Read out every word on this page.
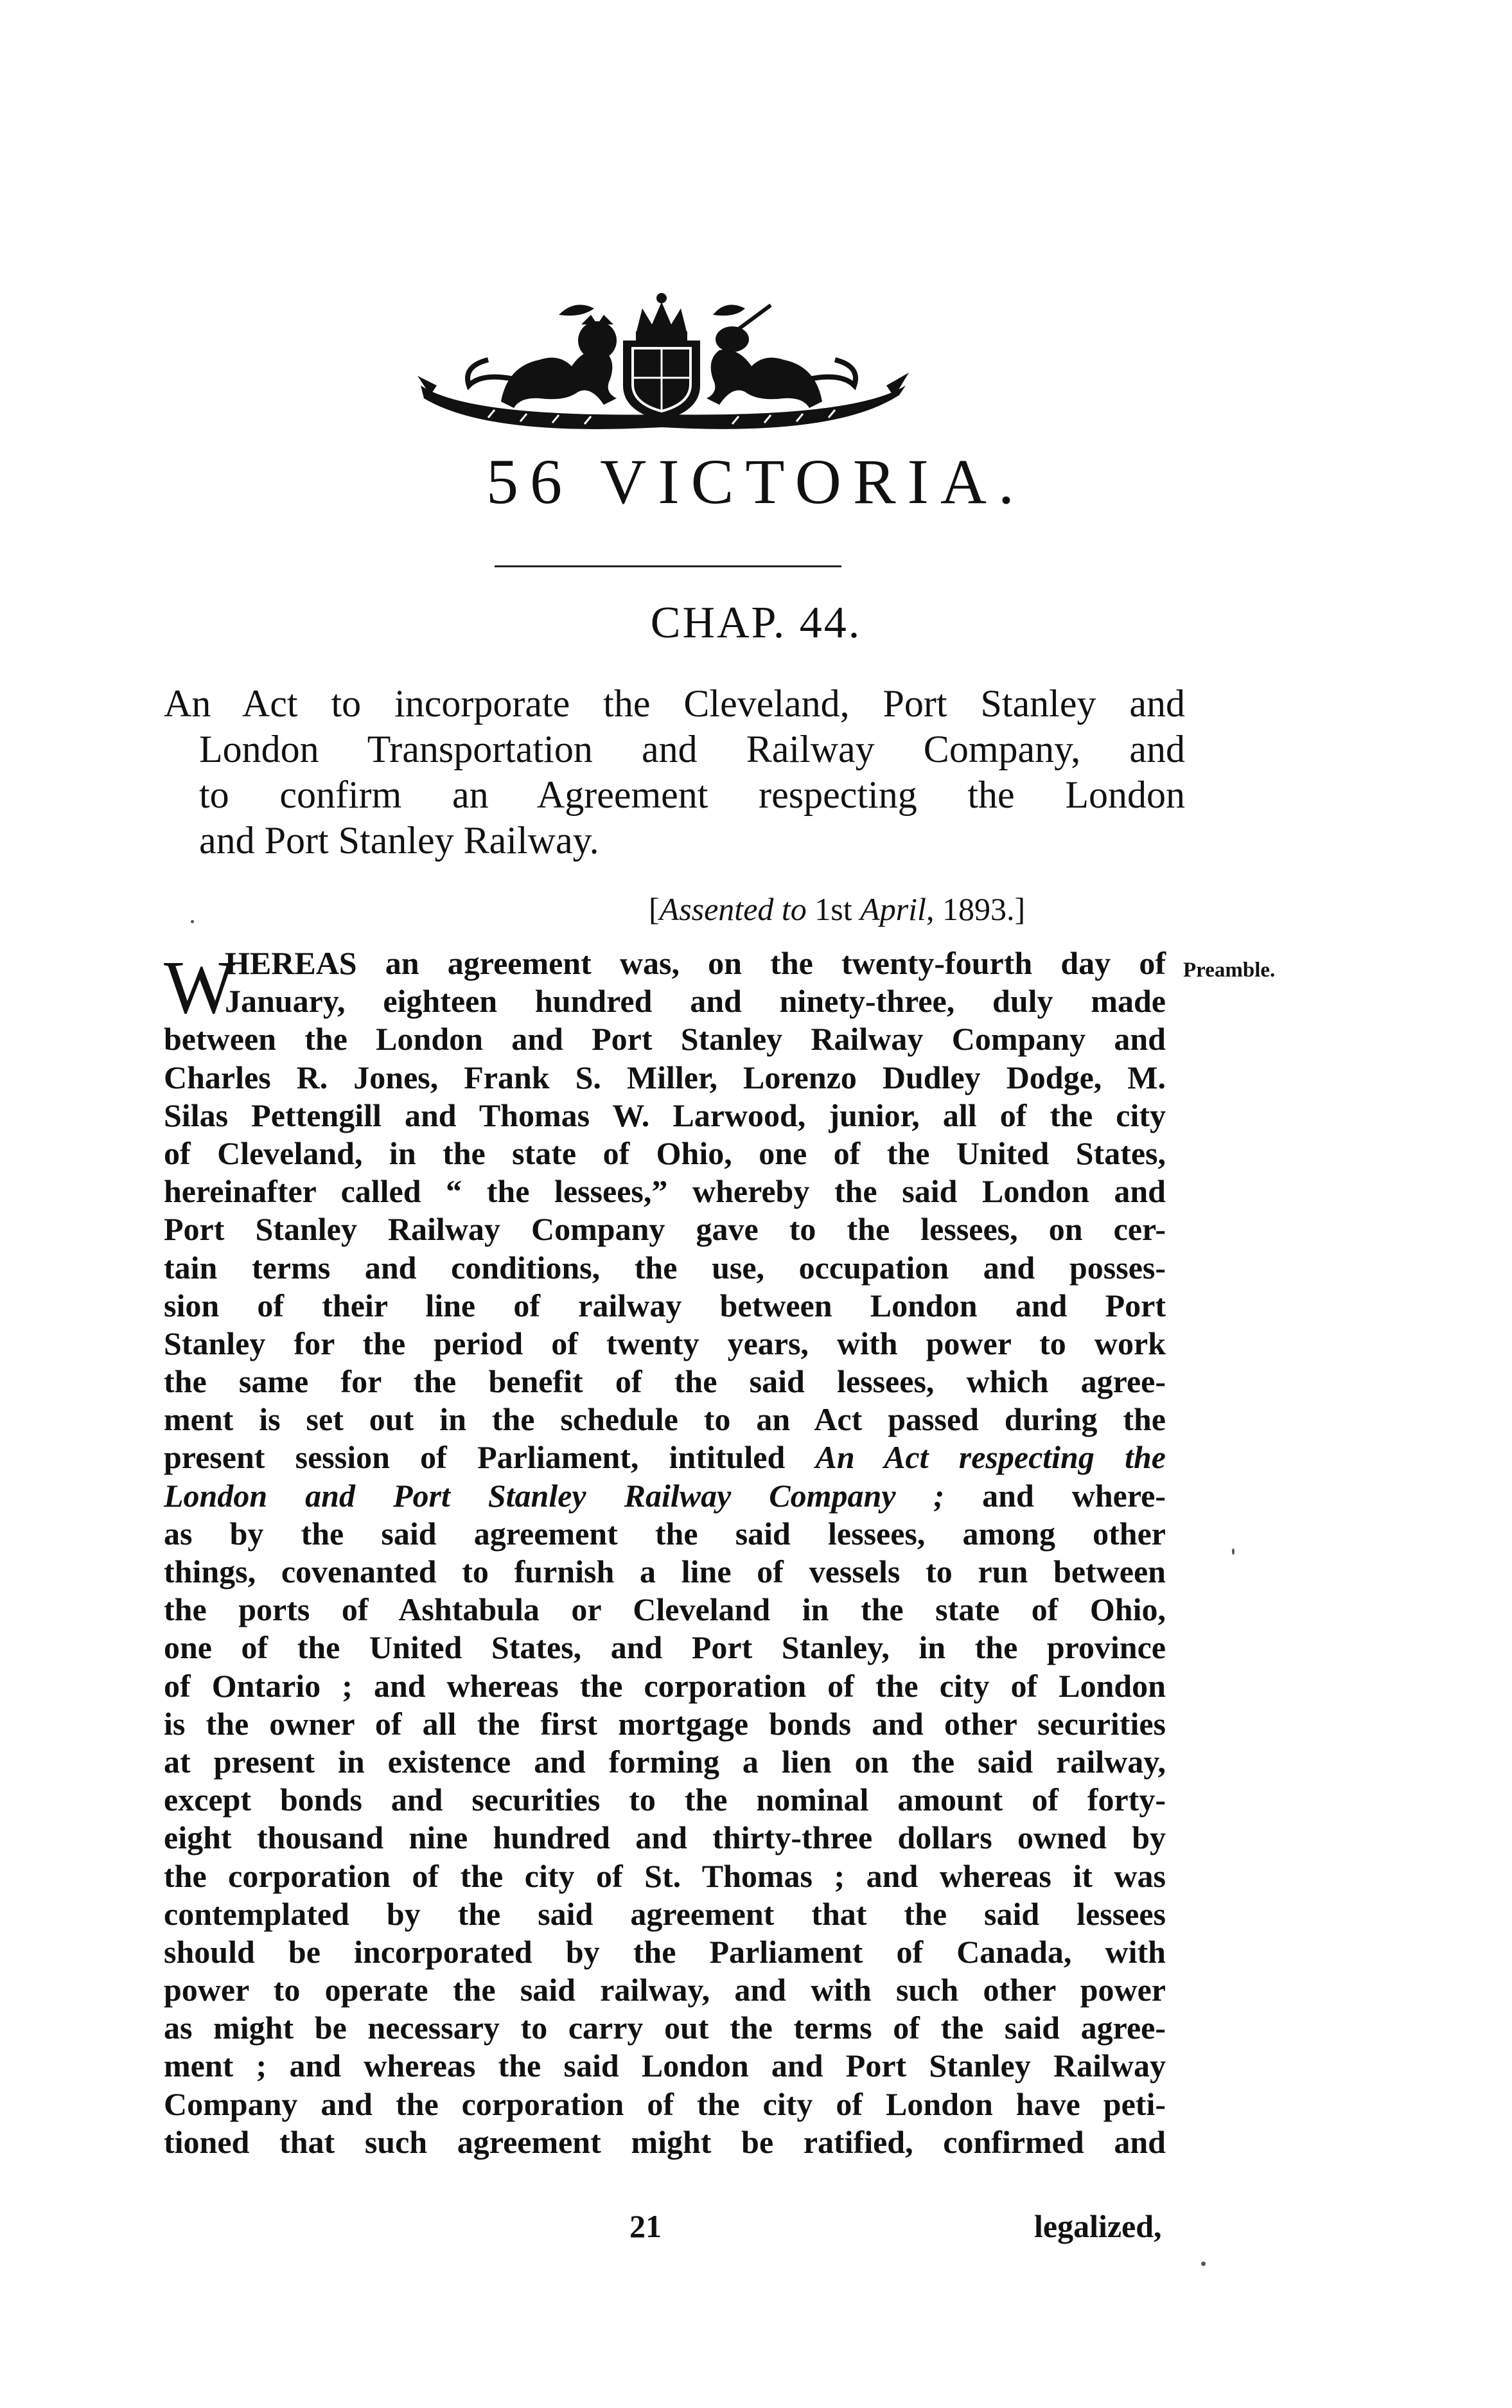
56 VICTORIA.
CHAP. 44.
An Act to incorporate the Cleveland, Port Stanley and
London Transportation and Railway Company, and
to confirm an Agreement respecting the London
and Port Stanley Railway.
[Assented to 1st April, 1893.]
W	Preamble.
HEREAS an agreement was, on the twenty-fourth day of
January, eighteen hundred and ninety-three, duly made
between the London and Port Stanley Railway Company and
Charles R. Jones, Frank S. Miller, Lorenzo Dudley Dodge, M.
Silas Pettengill and Thomas W. Larwood, junior, all of the city
of Cleveland, in the state of Ohio, one of the United States,
hereinafter called “ the lessees,” whereby the said London and
Port Stanley Railway Company gave to the lessees, on cer-
tain terms and conditions, the use, occupation and posses-
sion of their line of railway between London and Port
Stanley for the period of twenty years, with power to work
the same for the benefit of the said lessees, which agree-
ment is set out in the schedule to an Act passed during the
present session of Parliament, intituled An Act respecting the
London and Port Stanley Railway Company ; and where-
as by the said agreement the said lessees, among other
things, covenanted to furnish a line of vessels to run between
the ports of Ashtabula or Cleveland in the state of Ohio,
one of the United States, and Port Stanley, in the province
of Ontario ; and whereas the corporation of the city of London
is the owner of all the first mortgage bonds and other securities
at present in existence and forming a lien on the said railway,
except bonds and securities to the nominal amount of forty-
eight thousand nine hundred and thirty-three dollars owned by
the corporation of the city of St. Thomas ; and whereas it was
contemplated by the said agreement that the said lessees
should be incorporated by the Parliament of Canada, with
power to operate the said railway, and with such other power
as might be necessary to carry out the terms of the said agree-
ment ; and whereas the said London and Port Stanley Railway
Company and the corporation of the city of London have peti-
tioned that such agreement might be ratified, confirmed and
21	legalized,
